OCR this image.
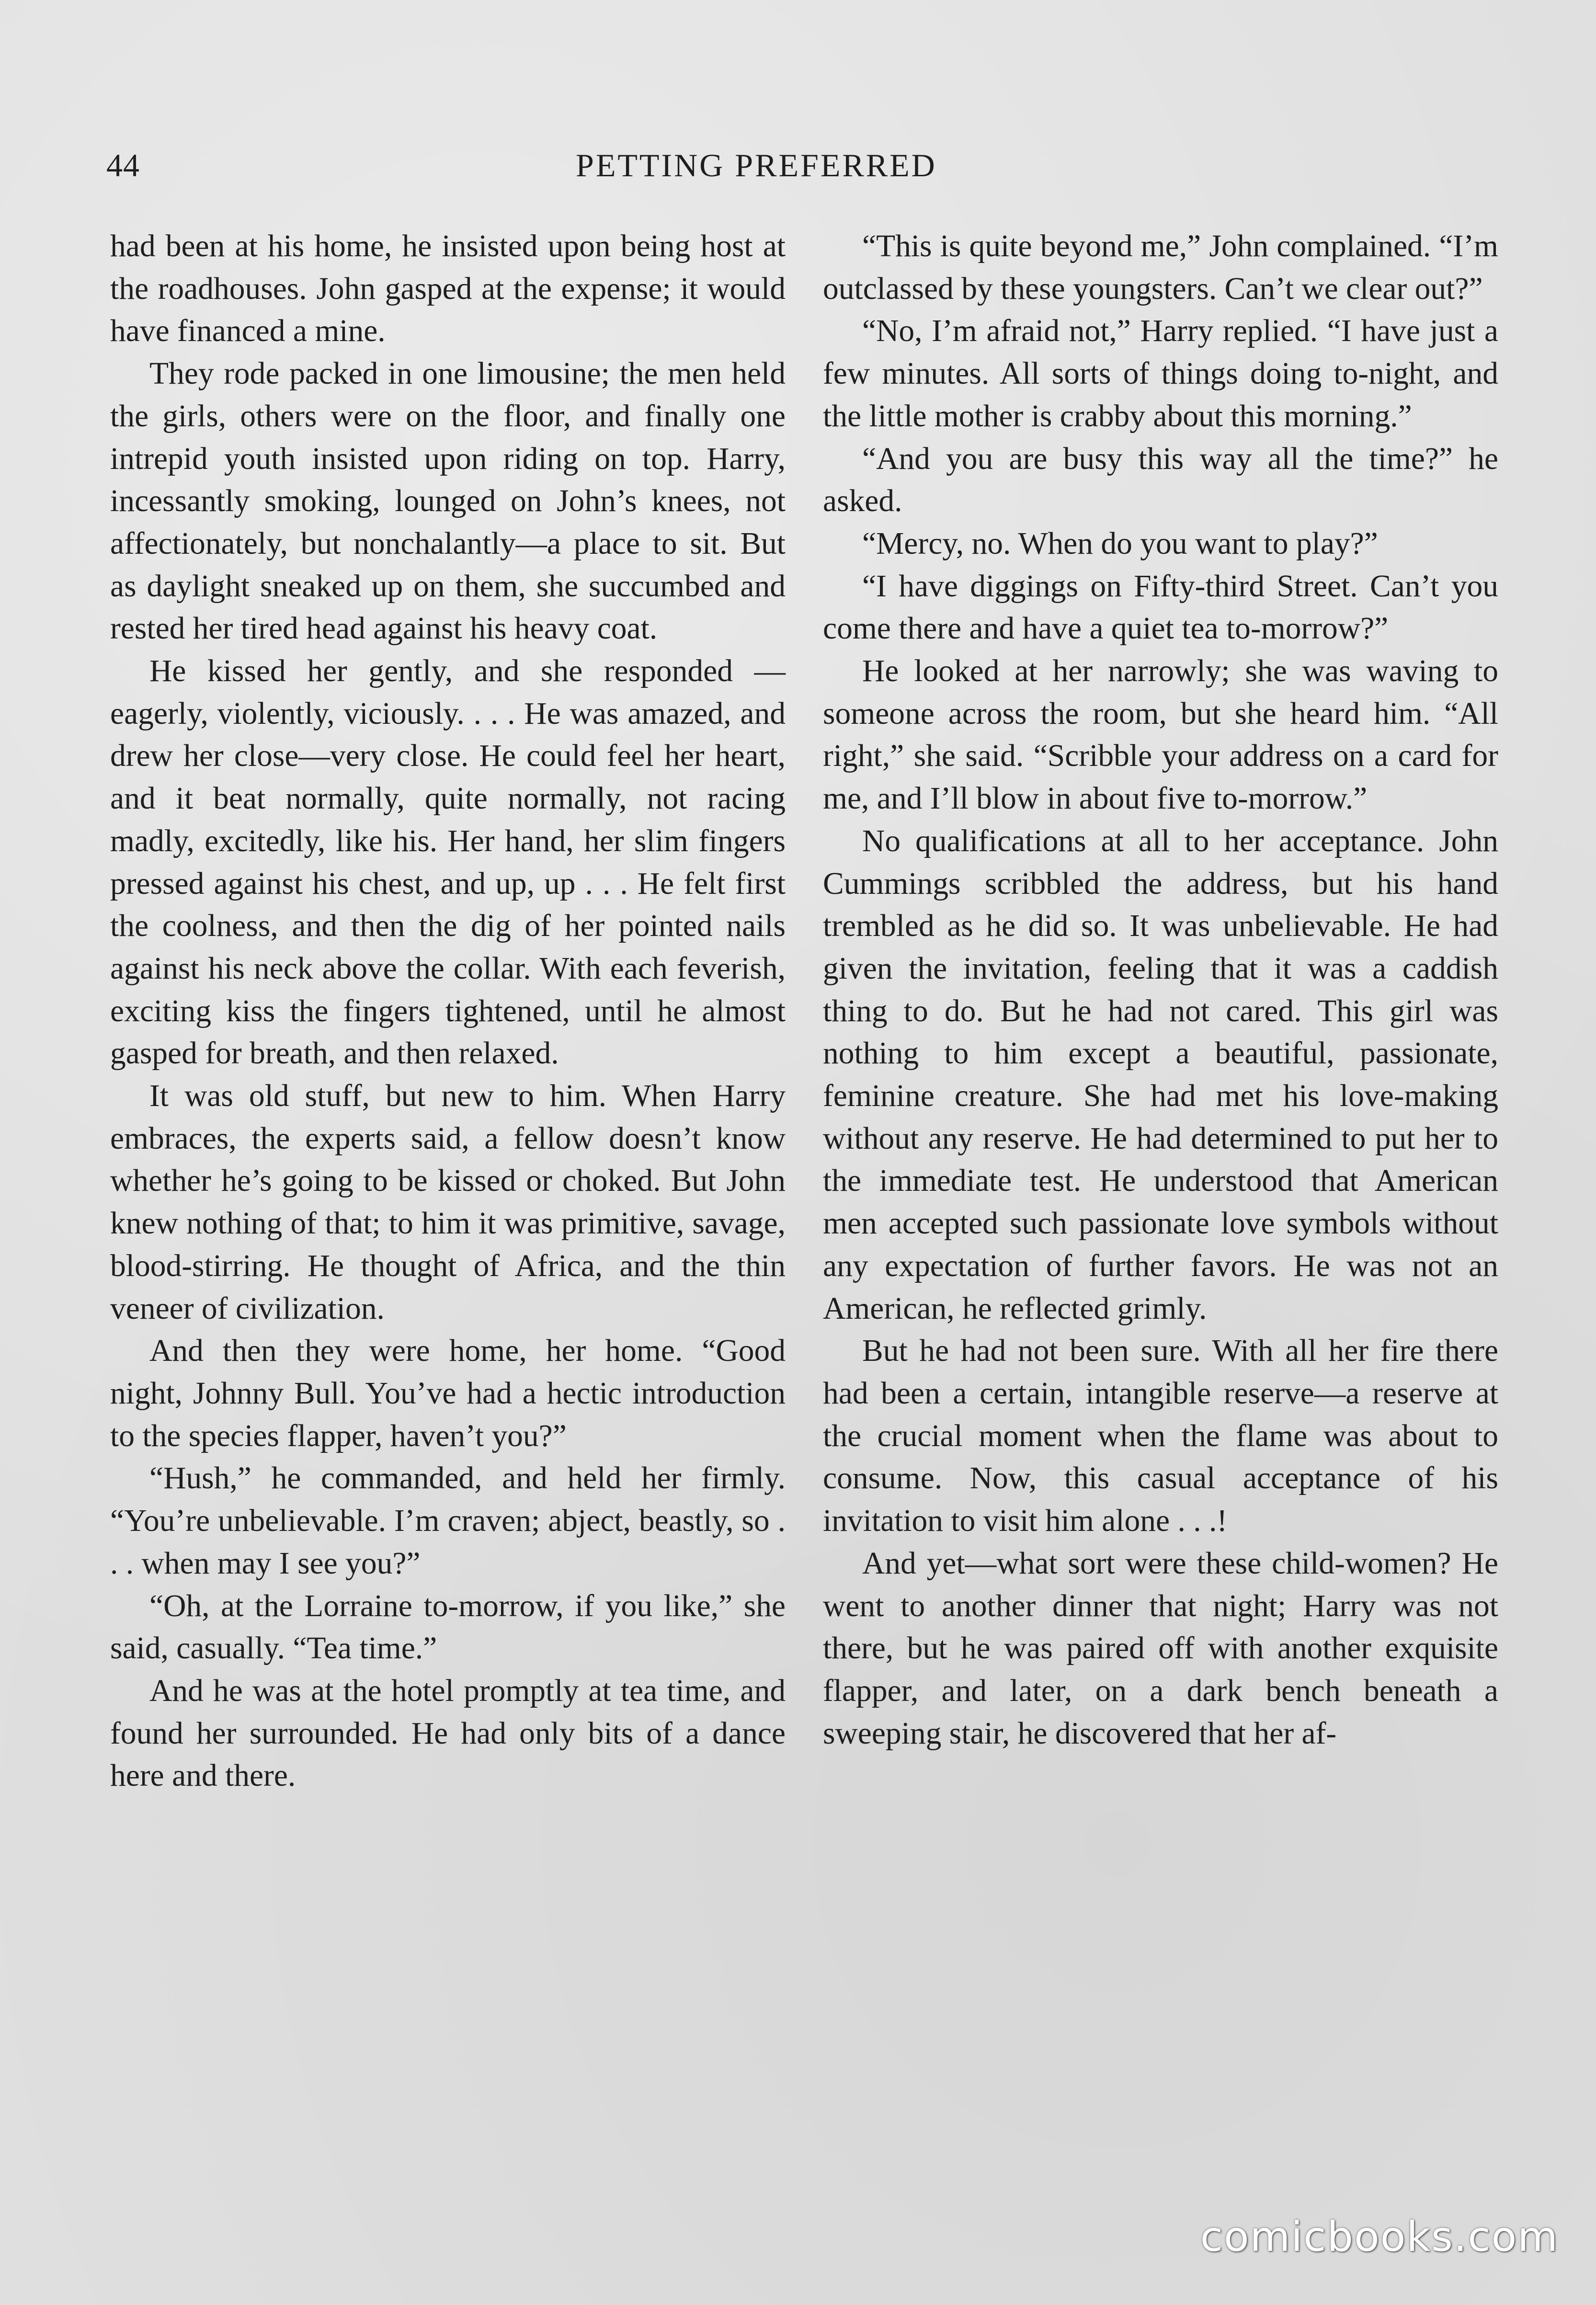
44	PETTING PREFERRED

had been at his home, he insisted upon being host at the roadhouses. John gasped at the expense; it would have financed a mine.

They rode packed in one limousine; the men held the girls, others were on the floor, and finally one intrepid youth insisted upon riding on top. Harry, incessantly smoking, lounged on John’s knees, not affectionately, but nonchalantly—a place to sit. But as daylight sneaked up on them, she succumbed and rested her tired head against his heavy coat.

He kissed her gently, and she responded —eagerly, violently, viciously. . . . He was amazed, and drew her close—very close. He could feel her heart, and it beat normally, quite normally, not racing madly, excitedly, like his. Her hand, her slim fingers pressed against his chest, and up, up . . . He felt first the coolness, and then the dig of her pointed nails against his neck above the collar. With each feverish, exciting kiss the fingers tightened, until he almost gasped for breath, and then relaxed.

It was old stuff, but new to him. When Harry embraces, the experts said, a fellow doesn’t know whether he’s going to be kissed or choked. But John knew nothing of that; to him it was primitive, savage, blood-stirring. He thought of Africa, and the thin veneer of civilization.

And then they were home, her home. “Good night, Johnny Bull. You’ve had a hectic introduction to the species flapper, haven’t you?”

“Hush,” he commanded, and held her firmly. “You’re unbelievable. I’m craven; abject, beastly, so . . . when may I see you?”

“Oh, at the Lorraine to-morrow, if you like,” she said, casually. “Tea time.”

And he was at the hotel promptly at tea time, and found her surrounded. He had only bits of a dance here and there.

“This is quite beyond me,” John complained. “I’m outclassed by these youngsters. Can’t we clear out?”

“No, I’m afraid not,” Harry replied. “I have just a few minutes. All sorts of things doing to-night, and the little mother is crabby about this morning.”

“And you are busy this way all the time?” he asked.

“Mercy, no. When do you want to play?”

“I have diggings on Fifty-third Street. Can’t you come there and have a quiet tea to-morrow?”

He looked at her narrowly; she was waving to someone across the room, but she heard him. “All right,” she said. “Scribble your address on a card for me, and I’ll blow in about five to-morrow.”

No qualifications at all to her acceptance. John Cummings scribbled the address, but his hand trembled as he did so. It was unbelievable. He had given the invitation, feeling that it was a caddish thing to do. But he had not cared. This girl was nothing to him except a beautiful, passionate, feminine creature. She had met his love-making without any reserve. He had determined to put her to the immediate test. He understood that American men accepted such passionate love symbols without any expectation of further favors. He was not an American, he reflected grimly.

But he had not been sure. With all her fire there had been a certain, intangible reserve—a reserve at the crucial moment when the flame was about to consume. Now, this casual acceptance of his invitation to visit him alone . . .!

And yet—what sort were these child-women? He went to another dinner that night; Harry was not there, but he was paired off with another exquisite flapper, and later, on a dark bench beneath a sweeping stair, he discovered that her af-

comicbooks.com
